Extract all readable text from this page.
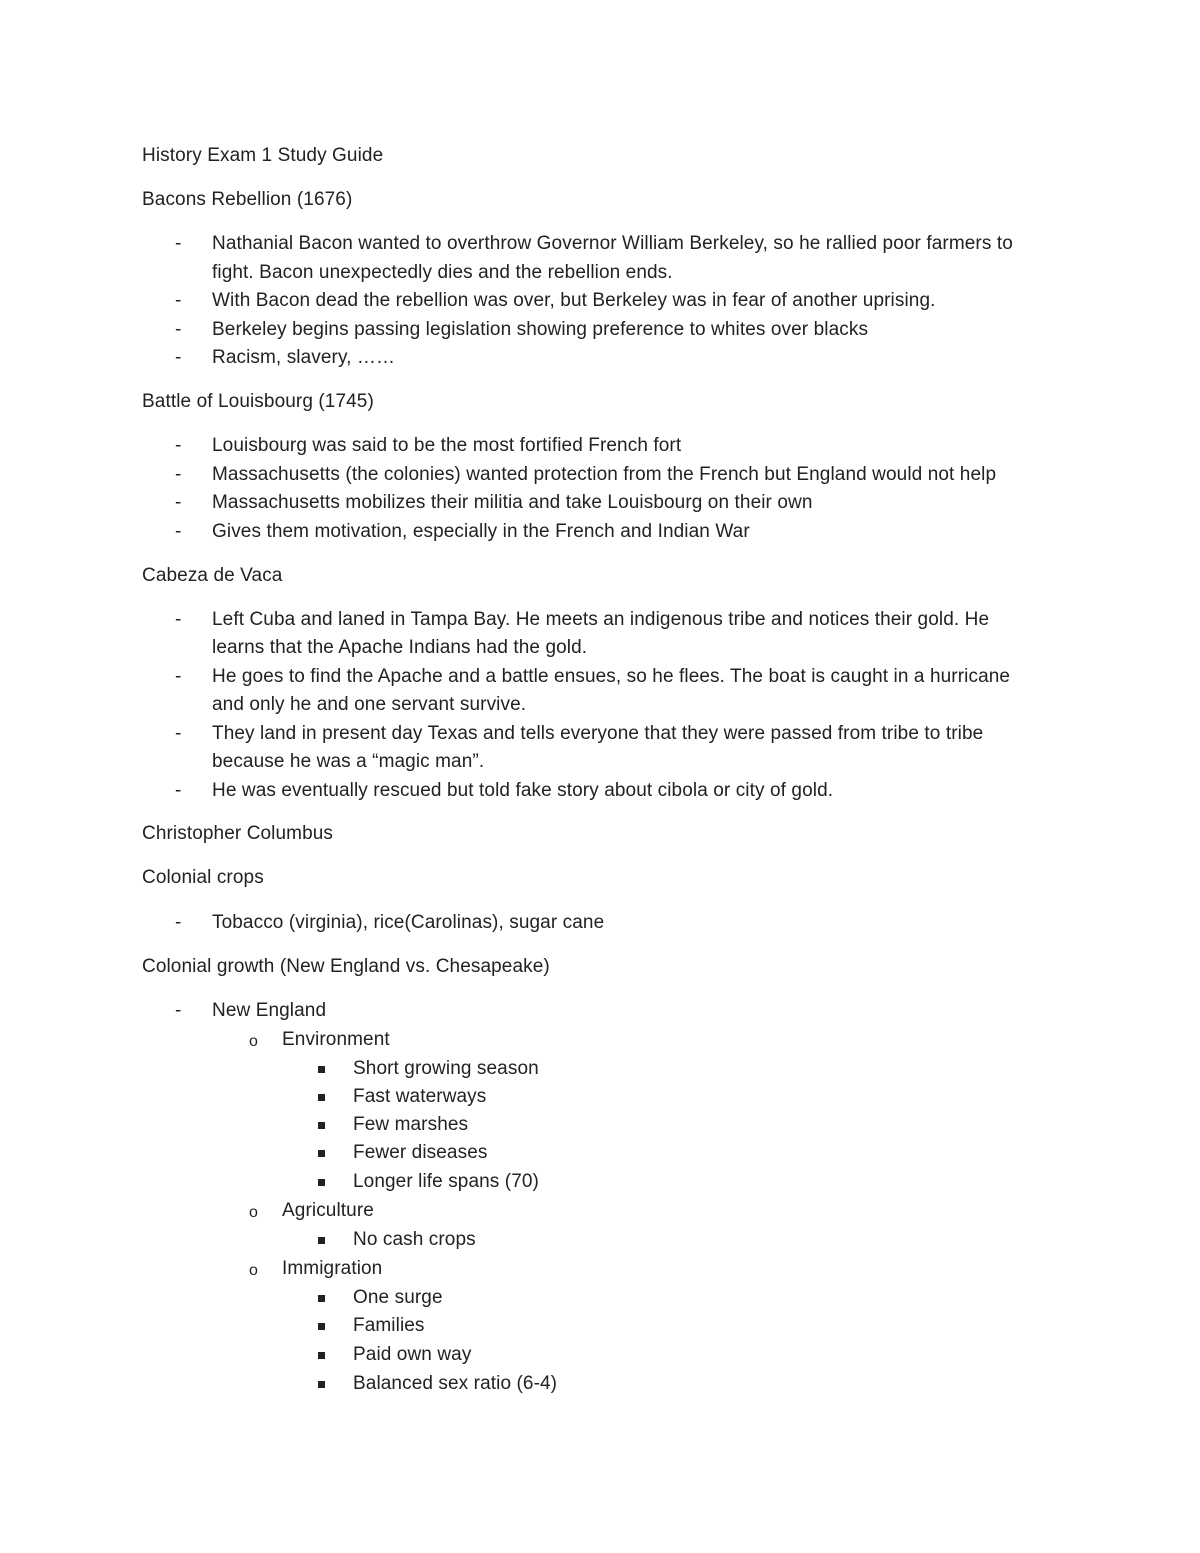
History Exam 1 Study Guide
Bacons Rebellion (1676)
- Nathanial Bacon wanted to overthrow Governor William Berkeley, so he rallied poor farmers to
fight. Bacon unexpectedly dies and the rebellion ends.
- With Bacon dead the rebellion was over, but Berkeley was in fear of another uprising.
- Berkeley begins passing legislation showing preference to whites over blacks
- Racism, slavery, ……
Battle of Louisbourg (1745)
- Louisbourg was said to be the most fortified French fort
- Massachusetts (the colonies) wanted protection from the French but England would not help
- Massachusetts mobilizes their militia and take Louisbourg on their own
- Gives them motivation, especially in the French and Indian War
Cabeza de Vaca
- Left Cuba and laned in Tampa Bay. He meets an indigenous tribe and notices their gold. He
learns that the Apache Indians had the gold.
- He goes to find the Apache and a battle ensues, so he flees. The boat is caught in a hurricane
and only he and one servant survive.
- They land in present day Texas and tells everyone that they were passed from tribe to tribe
because he was a “magic man”.
- He was eventually rescued but told fake story about cibola or city of gold.
Christopher Columbus
Colonial crops
- Tobacco (virginia), rice(Carolinas), sugar cane
Colonial growth (New England vs. Chesapeake)
- New England
o Environment
Short growing season
Fast waterways
Few marshes
Fewer diseases
Longer life spans (70)
o Agriculture
No cash crops
o Immigration
One surge
Families
Paid own way
Balanced sex ratio (6-4)
